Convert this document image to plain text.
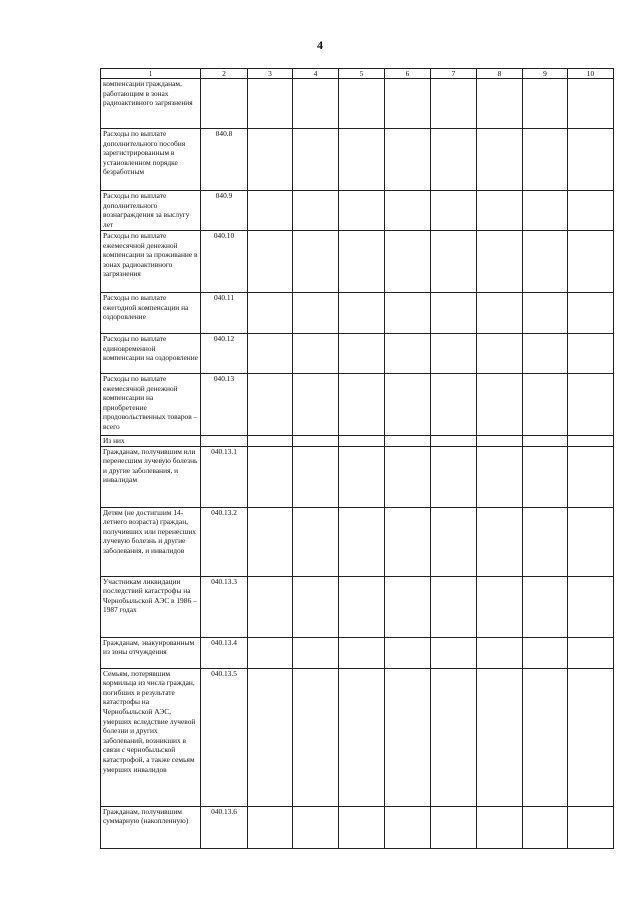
4
1	2	3	4	5	6	7	8	9	10
компенсации гражданам, работающим в зонах радиоактивного загрязнения									
Расходы по выплате дополнительного пособия зарегистрированным в установленном порядке безработным	040.8								
Расходы по выплате дополнительного вознаграждения за выслугу лет	040.9								
Расходы по выплате ежемесячной денежной компенсации за проживание в зонах радиоактивного загрязнения	040.10								
Расходы по выплате ежегодной компенсации на оздоровление	040.11								
Расходы по выплате единовременной компенсации на оздоровление	040.12								
Расходы по выплате ежемесячной денежной компенсации на приобретение продовольственных товаров – всего	040.13								
Из них									
Гражданам, получившим или перенесшим лучевую болезнь и другие заболевания, и инвалидам	040.13.1								
Детям (не достигшим 14-летнего возраста) граждан, получивших или перенесших лучевую болезнь и другие заболевания, и инвалидов	040.13.2								
Участникам ликвидации последствий катастрофы на Чернобыльской АЭС в 1986 – 1987 годах	040.13.3								
Гражданам, эвакуированным из зоны отчуждения	040.13.4								
Семьям, потерявшим кормильца из числа граждан, погибших в результате катастрофы на Чернобыльской АЭС, умерших вследствие лучевой болезни и других заболеваний, возникших в связи с чернобыльской катастрофой, а также семьям умерших инвалидов	040.13.5								
Гражданам, получившим суммарную (накопленную)	040.13.6								
